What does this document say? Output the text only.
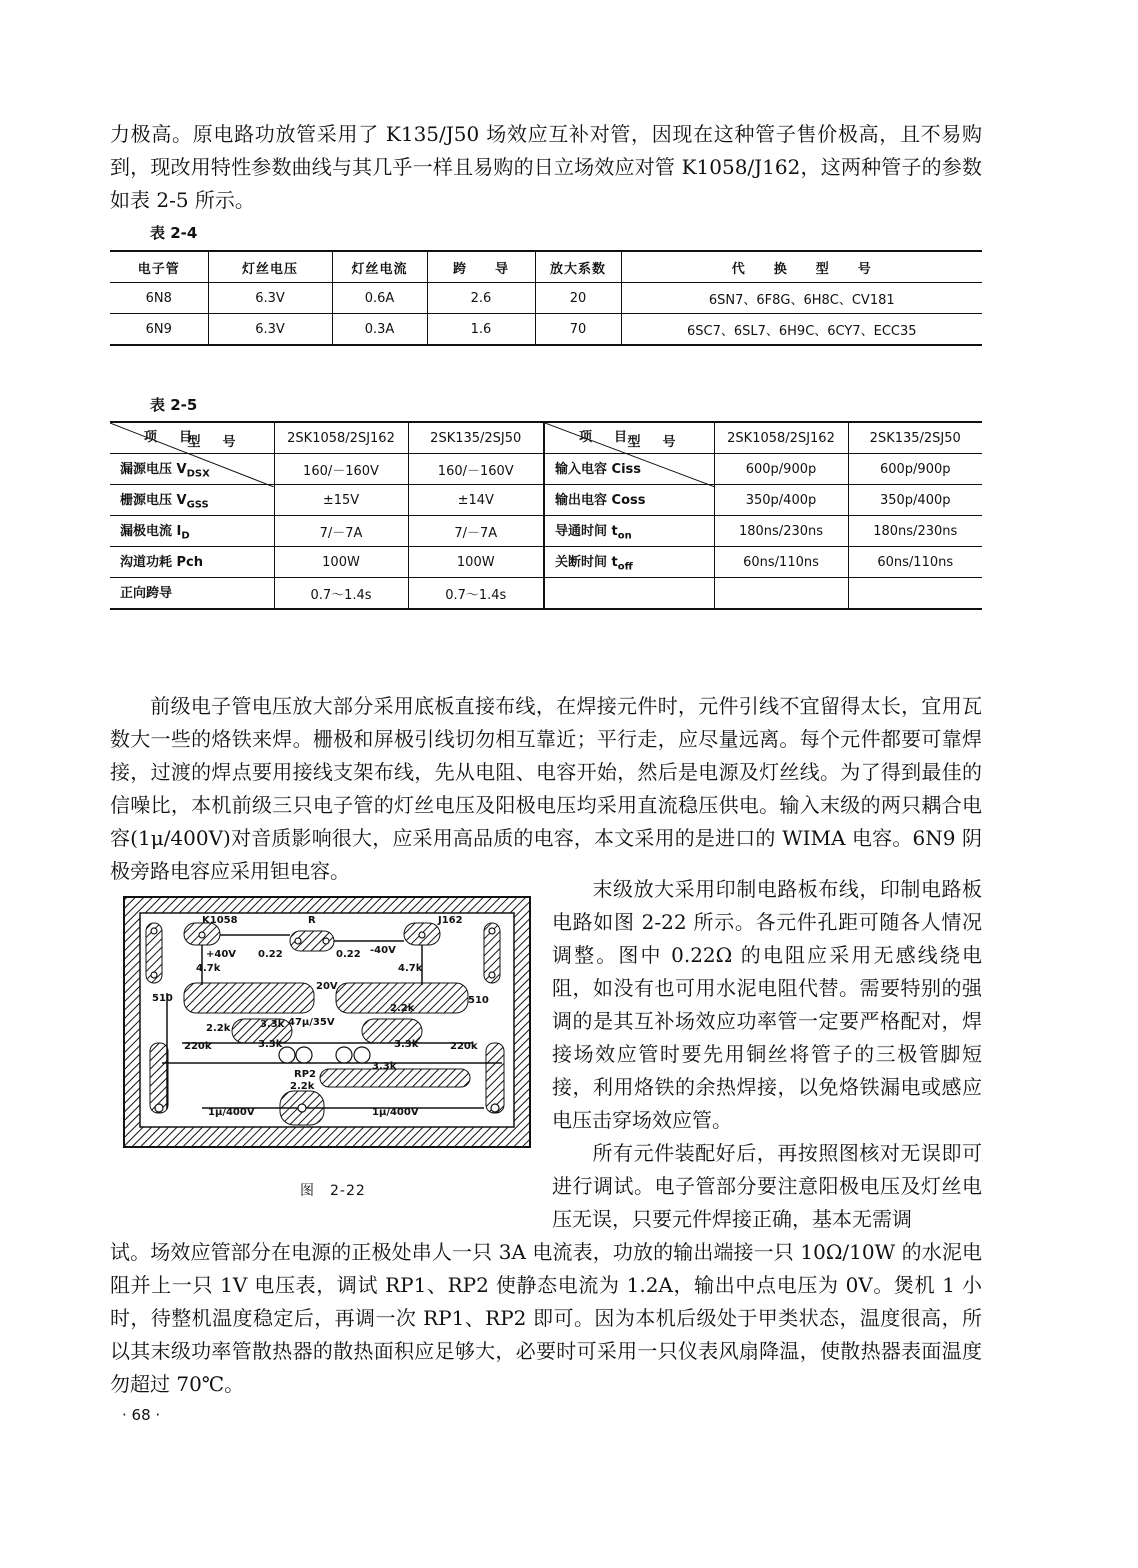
力极高。原电路功放管采用了 K135/J50 场效应互补对管，因现在这种管子售价极高，且不易购到，现改用特性参数曲线与其几乎一样且易购的日立场效应对管 K1058/J162，这两种管子的参数如表 2-5 所示。

表 2-4
电子管	灯丝电压	灯丝电流	跨　　导	放大系数	代　　换　　型　　号
6N8	6.3V	0.6A	2.6	20	6SN7、6F8G、6H8C、CV181
6N9	6.3V	0.3A	1.6	70	6SC7、6SL7、6H9C、6CY7、ECC35
表 2-5
型号
项目	2SK1058/2SJ162	2SK135/2SJ50	型号
项目	2SK1058/2SJ162	2SK135/2SJ50
漏源电压 $V_{DSX}$	160/－160V	160/－160V	输入电容 Ciss	600p/900p	600p/900p
栅源电压 $V_{GSS}$	±15V	±14V	输出电容 Coss	350p/400p	350p/400p
漏极电流 $I_D$	7/－7A	7/－7A	导通时间 $t_{on}$	180ns/230ns	180ns/230ns
沟道功耗 Pch	100W	100W	关断时间 $t_{off}$	60ns/110ns	60ns/110ns
正向跨导	0.7～1.4s	0.7～1.4s			

前级电子管电压放大部分采用底板直接布线，在焊接元件时，元件引线不宜留得太长，宜用瓦数大一些的烙铁来焊。栅极和屏极引线切勿相互靠近；平行走，应尽量远离。每个元件都要可靠焊接，过渡的焊点要用接线支架布线，先从电阻、电容开始，然后是电源及灯丝线。为了得到最佳的信噪比，本机前级三只电子管的灯丝电压及阳极电压均采用直流稳压供电。输入末级的两只耦合电容(1μ/400V)对音质影响很大，应采用高品质的电容，本文采用的是进口的 WIMA 电容。6N9 阴极旁路电容应采用钽电容。

K1058	R	J162
+40V 0.22	0.22 -40V
4.7k	4.7k
20V
510	510
2.2k
2.2k	3.3k 47μ/35V
3.3k	3.3k
220k	220k
RP2
2.2k
3.3k
1μ/400V	1μ/400V
图　2-22

末级放大采用印制电路板布线，印制电路板电路如图 2-22 所示。各元件孔距可随各人情况调整。图中 0.22Ω 的电阻应采用无感线绕电阻，如没有也可用水泥电阻代替。需要特别的强调的是其互补场效应功率管一定要严格配对，焊接场效应管时要先用铜丝将管子的三极管脚短接，利用烙铁的余热焊接，以免烙铁漏电或感应电压击穿场效应管。
所有元件装配好后，再按照图核对无误即可进行调试。电子管部分要注意阳极电压及灯丝电压无误，只要元件焊接正确，基本无需调

试。场效应管部分在电源的正极处串人一只 3A 电流表，功放的输出端接一只 10Ω/10W 的水泥电阻并上一只 1V 电压表，调试 RP1、RP2 使静态电流为 1.2A，输出中点电压为 0V。煲机 1 小时，待整机温度稳定后，再调一次 RP1、RP2 即可。因为本机后级处于甲类状态，温度很高，所以其末级功率管散热器的散热面积应足够大，必要时可采用一只仪表风扇降温，使散热器表面温度勿超过 70℃。

· 68 ·
